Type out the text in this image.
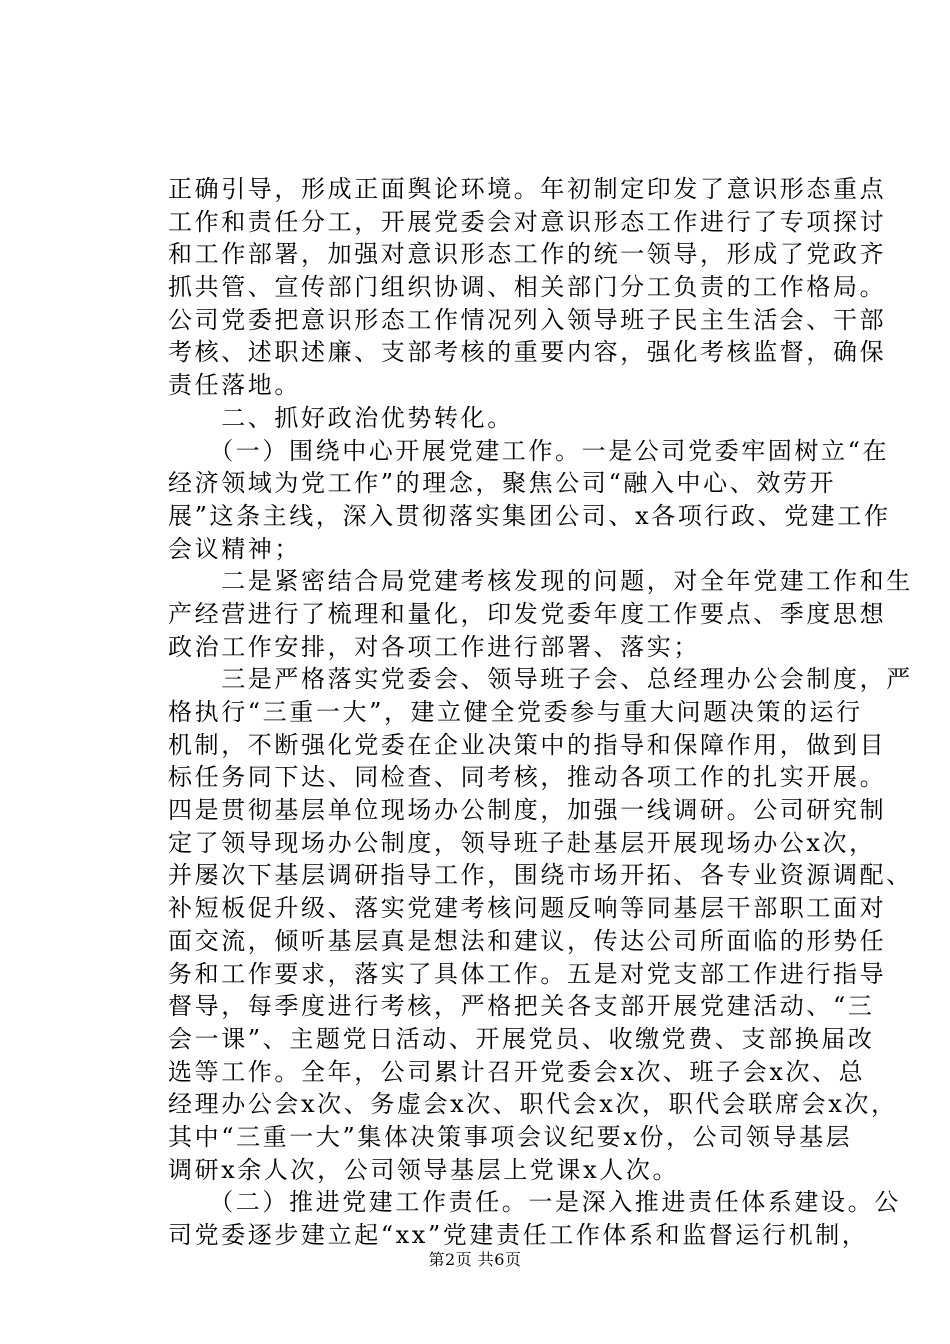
正确引导，形成正面舆论环境。年初制定印发了意识形态重点
工作和责任分工，开展党委会对意识形态工作进行了专项探讨
和工作部署，加强对意识形态工作的统一领导，形成了党政齐
抓共管、宣传部门组织协调、相关部门分工负责的工作格局。
公司党委把意识形态工作情况列入领导班子民主生活会、干部
考核、述职述廉、支部考核的重要内容，强化考核监督，确保
责任落地。
　　二、抓好政治优势转化。
　　（一）围绕中心开展党建工作。一是公司党委牢固树立“在
经济领域为党工作”的理念，聚焦公司“融入中心、效劳开
展”这条主线，深入贯彻落实集团公司、x各项行政、党建工作
会议精神；
　　二是紧密结合局党建考核发现的问题，对全年党建工作和生
产经营进行了梳理和量化，印发党委年度工作要点、季度思想
政治工作安排，对各项工作进行部署、落实；
　　三是严格落实党委会、领导班子会、总经理办公会制度，严
格执行“三重一大”，建立健全党委参与重大问题决策的运行
机制，不断强化党委在企业决策中的指导和保障作用，做到目
标任务同下达、同检查、同考核，推动各项工作的扎实开展。
四是贯彻基层单位现场办公制度，加强一线调研。公司研究制
定了领导现场办公制度，领导班子赴基层开展现场办公x次，
并屡次下基层调研指导工作，围绕市场开拓、各专业资源调配、
补短板促升级、落实党建考核问题反响等同基层干部职工面对
面交流，倾听基层真是想法和建议，传达公司所面临的形势任
务和工作要求，落实了具体工作。五是对党支部工作进行指导
督导，每季度进行考核，严格把关各支部开展党建活动、“三
会一课”、主题党日活动、开展党员、收缴党费、支部换届改
选等工作。全年，公司累计召开党委会x次、班子会x次、总
经理办公会x次、务虚会x次、职代会x次，职代会联席会x次，
其中“三重一大”集体决策事项会议纪要x份，公司领导基层
调研x余人次，公司领导基层上党课x人次。
　　（二）推进党建工作责任。一是深入推进责任体系建设。公
司党委逐步建立起“xx”党建责任工作体系和监督运行机制，
第2页 共6页
